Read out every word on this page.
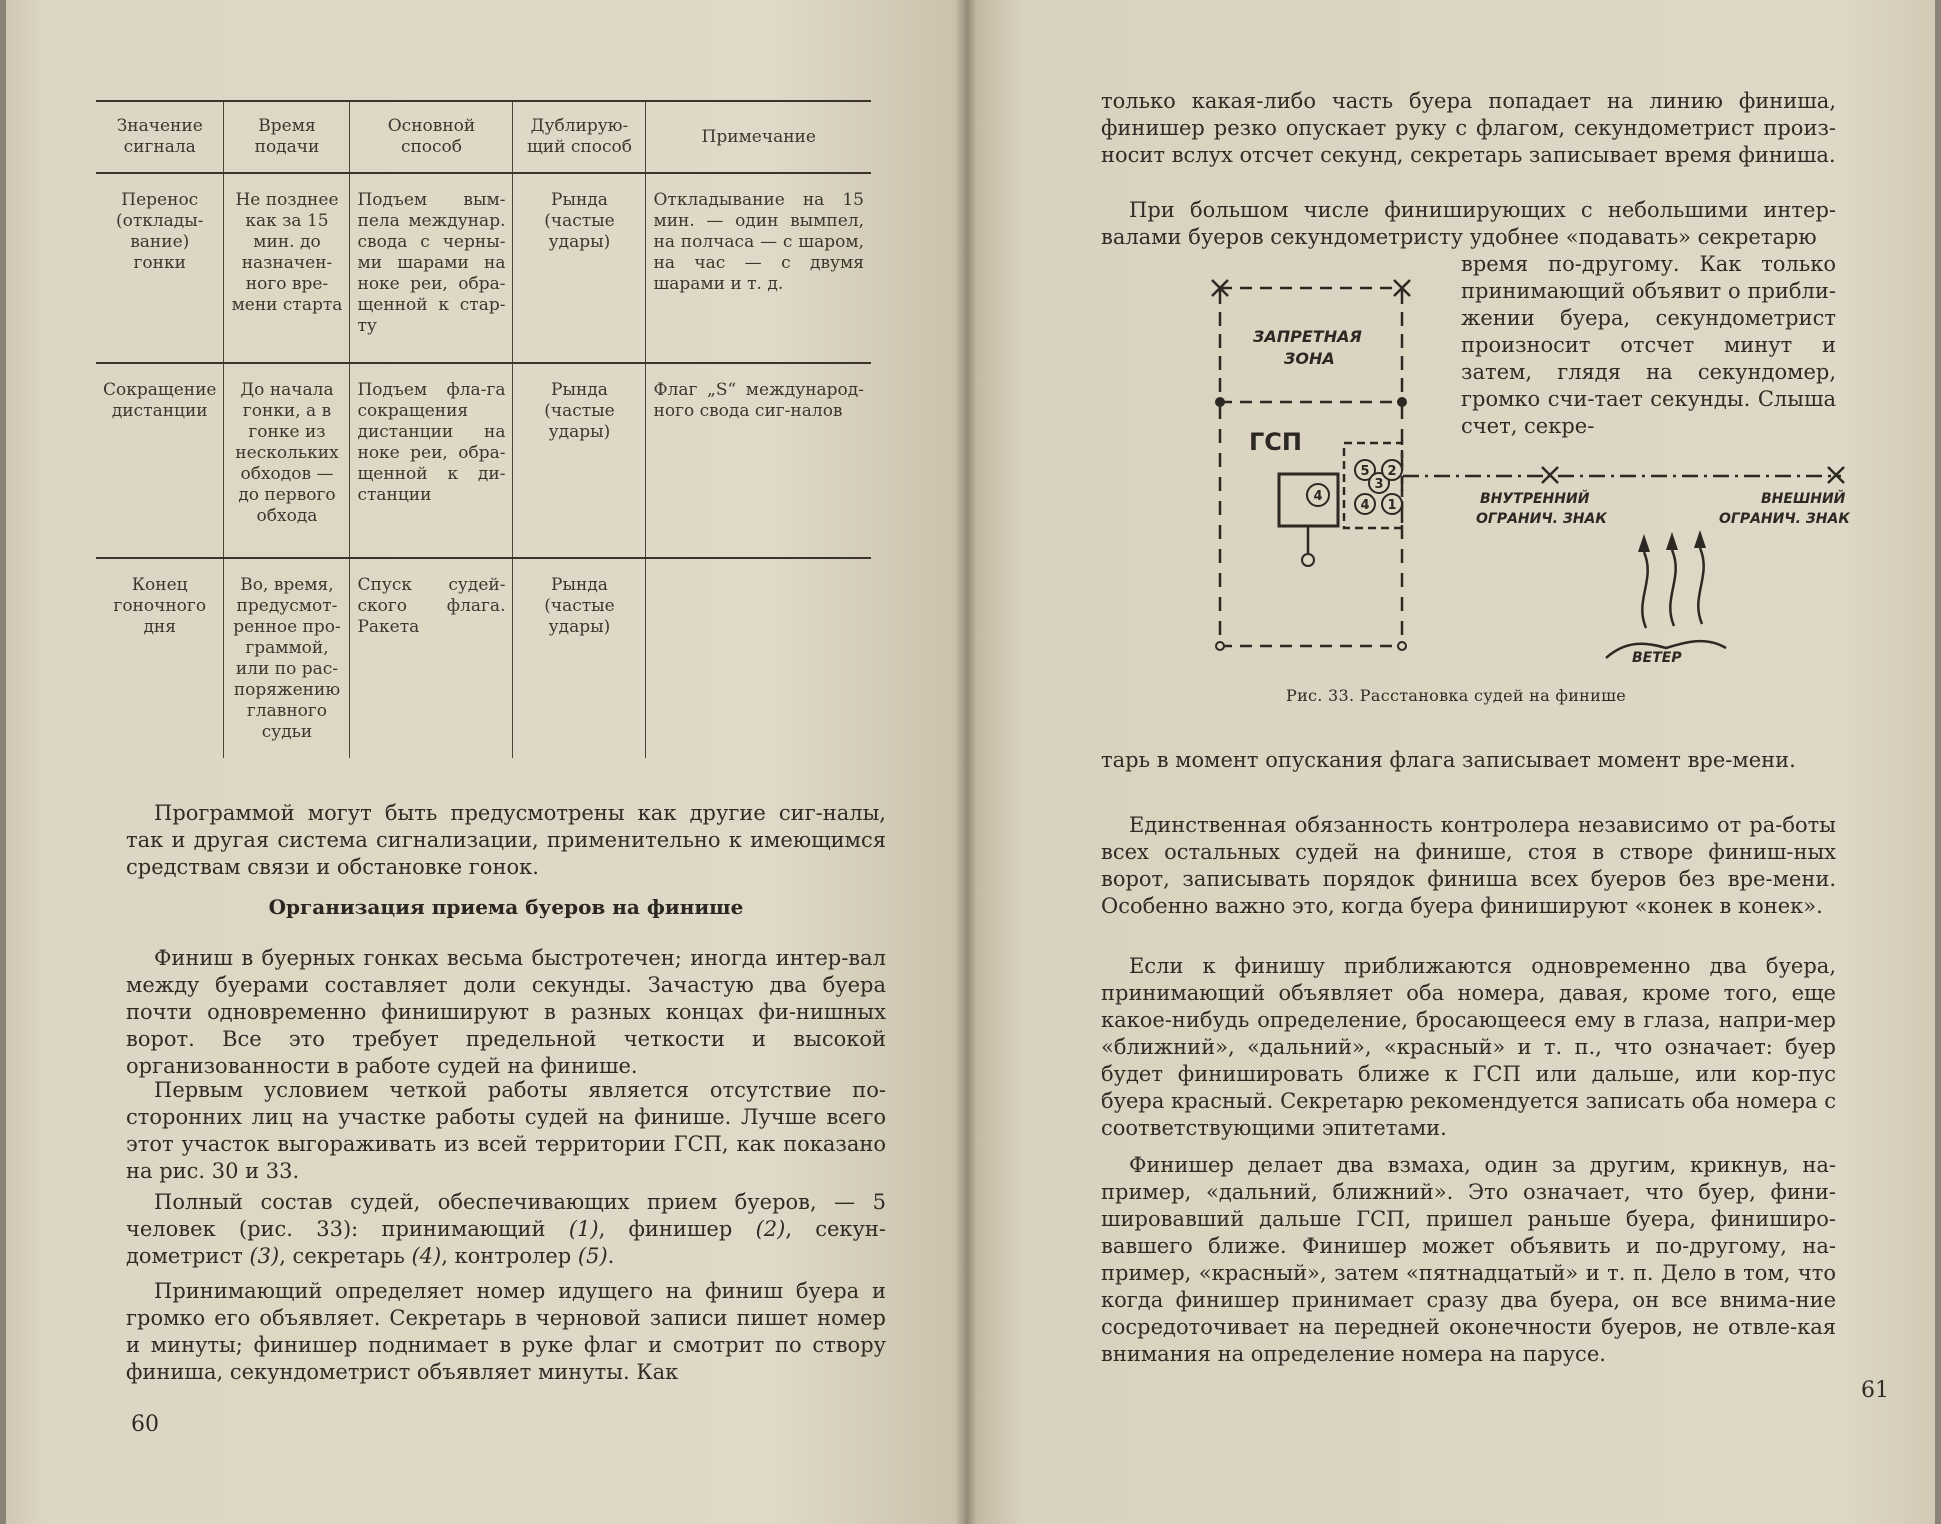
Значение сигнала	Время подачи	Основной способ	Дублирую-щий способ	Примечание
Перенос (отклады-вание) гонки	Не позднее как за 15 мин. до назначен-ного вре-мени старта	Подъем вым-пела междунар. свода с черны-ми шарами на ноке реи, обра-щенной к стар-ту	Рында (частые удары)	Откладывание на 15 мин. — один вымпел, на полчаса — с шаром, на час — с двумя шарами и т. д.
Сокращение дистанции	До начала гонки, а в гонке из нескольких обходов — до первого обхода	Подъем фла-га сокращения дистанции на ноке реи, обра-щенной к ди-станции	Рында (частые удары)	Флаг „S“ международ-ного свода сиг-налов
Конец гоночного дня	Во, время, предусмот-ренное про-граммой, или по рас-поряжению главного судьи	Спуск судей-ского флага. Ракета	Рында (частые удары)	

Программой могут быть предусмотрены как другие сиг-налы, так и другая система сигнализации, применительно к имеющимся средствам связи и обстановке гонок.

Организация приема буеров на финише

Финиш в буерных гонках весьма быстротечен; иногда интер-вал между буерами составляет доли секунды. Зачастую два буера почти одновременно финишируют в разных концах фи-нишных ворот. Все это требует предельной четкости и высокой организованности в работе судей на финише.

Первым условием четкой работы является отсутствие по-сторонних лиц на участке работы судей на финише. Лучше всего этот участок выгораживать из всей территории ГСП, как показано на рис. 30 и 33.

Полный состав судей, обеспечивающих прием буеров, — 5 человек (рис. 33): принимающий (1), финишер (2), секун-дометрист (3), секретарь (4), контролер (5).

Принимающий определяет номер идущего на финиш буера и громко его объявляет. Секретарь в черновой записи пишет номер и минуты; финишер поднимает в руке флаг и смотрит по створу финиша, секундометрист объявляет минуты. Как

60

только какая-либо часть буера попадает на линию финиша, финишер резко опускает руку с флагом, секундометрист произ-носит вслух отсчет секунд, секретарь записывает время финиша.

При большом числе финиширующих с небольшими интер-валами буеров секундометристу удобнее «подавать» секретарю

время по-другому. Как только принимающий объявит о прибли-жении буера, секундометрист произносит отсчет минут и затем, глядя на секундомер, громко счи-тает секунды. Слыша счет, секре-

4
5
3
2
4 1
ЗАПРЕТНАЯ
ЗОНА
ГСП
ВНУТРЕННИЙ
ОГРАНИЧ. ЗНАК
ВНЕШНИЙ
ОГРАНИЧ. ЗНАК
ВЕТЕР
Рис. 33. Расстановка судей на финише

тарь в момент опускания флага записывает момент вре-мени.

Единственная обязанность контролера независимо от ра-боты всех остальных судей на финише, стоя в створе финиш-ных ворот, записывать порядок финиша всех буеров без вре-мени. Особенно важно это, когда буера финишируют «конек в конек».

Если к финишу приближаются одновременно два буера, принимающий объявляет оба номера, давая, кроме того, еще какое-нибудь определение, бросающееся ему в глаза, напри-мер «ближний», «дальний», «красный» и т. п., что означает: буер будет финишировать ближе к ГСП или дальше, или кор-пус буера красный. Секретарю рекомендуется записать оба номера с соответствующими эпитетами.

Финишер делает два взмаха, один за другим, крикнув, на-пример, «дальний, ближний». Это означает, что буер, фини-шировавший дальше ГСП, пришел раньше буера, финиширо-вавшего ближе. Финишер может объявить и по-другому, на-пример, «красный», затем «пятнадцатый» и т. п. Дело в том, что когда финишер принимает сразу два буера, он все внима-ние сосредоточивает на передней оконечности буеров, не отвле-кая внимания на определение номера на парусе.

61
